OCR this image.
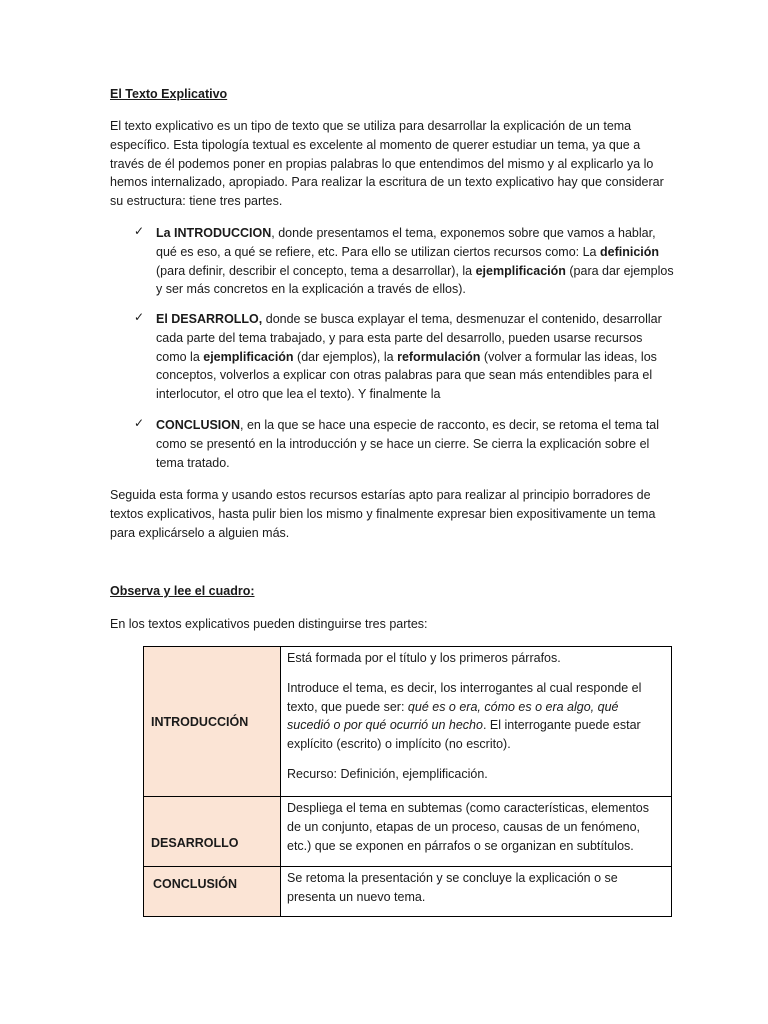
El Texto Explicativo

El texto explicativo es un tipo de texto que se utiliza para desarrollar la explicación de un tema específico. Esta tipología textual es excelente al momento de querer estudiar un tema, ya que a través de él podemos poner en propias palabras lo que entendimos del mismo y al explicarlo ya lo hemos internalizado, apropiado. Para realizar la escritura de un texto explicativo hay que considerar su estructura: tiene tres partes.

✓ La INTRODUCCION, donde presentamos el tema, exponemos sobre que vamos a hablar, qué es eso, a qué se refiere, etc. Para ello se utilizan ciertos recursos como: La definición (para definir, describir el concepto, tema a desarrollar), la ejemplificación (para dar ejemplos y ser más concretos en la explicación a través de ellos).
✓ El DESARROLLO, donde se busca explayar el tema, desmenuzar el contenido, desarrollar cada parte del tema trabajado, y para esta parte del desarrollo, pueden usarse recursos como la ejemplificación (dar ejemplos), la reformulación (volver a formular las ideas, los conceptos, volverlos a explicar con otras palabras para que sean más entendibles para el interlocutor, el otro que lea el texto). Y finalmente la
✓ CONCLUSION, en la que se hace una especie de racconto, es decir, se retoma el tema tal como se presentó en la introducción y se hace un cierre. Se cierra la explicación sobre el tema tratado.

Seguida esta forma y usando estos recursos estarías apto para realizar al principio borradores de textos explicativos, hasta pulir bien los mismo y finalmente expresar bien expositivamente un tema para explicárselo a alguien más.

Observa y lee el cuadro:

En los textos explicativos pueden distinguirse tres partes:

INTRODUCCIÓN	Está formada por el título y los primeros párrafos.

Introduce el tema, es decir, los interrogantes al cual responde el texto, que puede ser: qué es o era, cómo es o era algo, qué sucedió o por qué ocurrió un hecho. El interrogante puede estar explícito (escrito) o implícito (no escrito).

Recurso: Definición, ejemplificación.

DESARROLLO	Despliega el tema en subtemas (como características, elementos de un conjunto, etapas de un proceso, causas de un fenómeno, etc.) que se exponen en párrafos o se organizan en subtítulos.

CONCLUSIÓN	Se retoma la presentación y se concluye la explicación o se presenta un nuevo tema.
